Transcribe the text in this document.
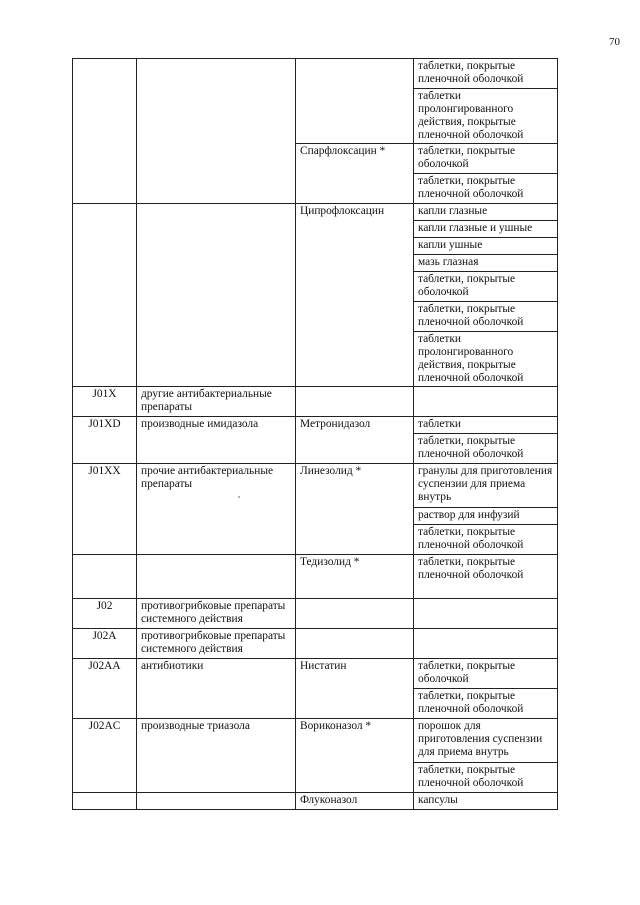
70
			таблетки, покрытые пленочной оболочкой
			таблетки пролонгированного действия, покрытые пленочной оболочкой
		Спарфлоксацин *	таблетки, покрытые оболочкой
			таблетки, покрытые пленочной оболочкой
		Ципрофлоксацин	капли глазные
			капли глазные и ушные
			капли ушные
			мазь глазная
			таблетки, покрытые оболочкой
			таблетки, покрытые пленочной оболочкой
			таблетки пролонгированного действия, покрытые пленочной оболочкой
J01X	другие антибактериальные препараты		
J01XD	производные имидазола	Метронидазол	таблетки
			таблетки, покрытые пленочной оболочкой
J01XX	прочие антибактериальные препараты	Линезолид *	гранулы для приготовления суспензии для приема внутрь
			раствор для инфузий
			таблетки, покрытые пленочной оболочкой
		Тедизолид *	таблетки, покрытые пленочной оболочкой
J02	противогрибковые препараты системного действия		
J02A	противогрибковые препараты системного действия		
J02AA	антибиотики	Нистатин	таблетки, покрытые оболочкой
			таблетки, покрытые пленочной оболочкой
J02AC	производные триазола	Вориконазол *	порошок для приготовления суспензии для приема внутрь
			таблетки, покрытые пленочной оболочкой
		Флуконазол	капсулы
